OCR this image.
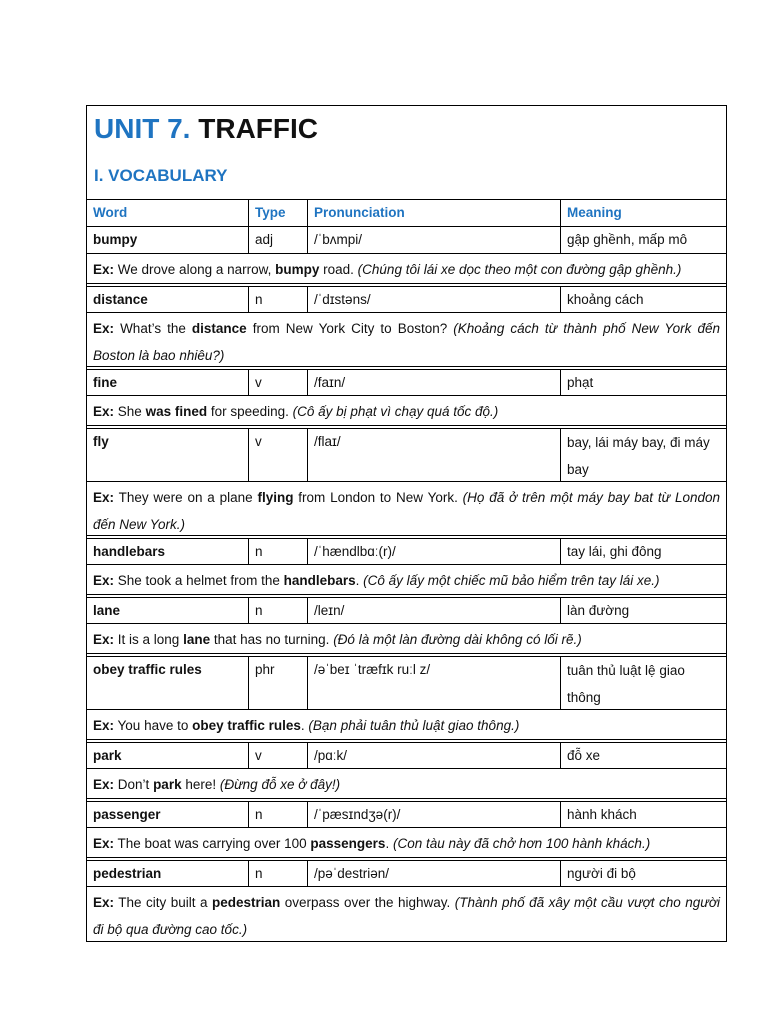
UNIT 7. TRAFFIC
I. VOCABULARY
Word	Type	Pronunciation	Meaning
bumpy	adj	/ˈbʌmpi/	gập ghềnh, mấp mô
Ex: We drove along a narrow, bumpy road. (Chúng tôi lái xe dọc theo một con đường gập ghềnh.)
distance	n	/ˈdɪstəns/	khoảng cách
Ex: What’s the distance from New York City to Boston? (Khoảng cách từ thành phố New York đến Boston là bao nhiêu?)
fine	v	/faɪn/	phạt
Ex: She was fined for speeding. (Cô ấy bị phạt vì chạy quá tốc độ.)
fly	v	/flaɪ/	bay, lái máy bay, đi máy bay
Ex: They were on a plane flying from London to New York. (Họ đã ở trên một máy bay bat từ London đến New York.)
handlebars	n	/ˈhændlbɑː(r)/	tay lái, ghi đông
Ex: She took a helmet from the handlebars. (Cô ấy lấy một chiếc mũ bảo hiểm trên tay lái xe.)
lane	n	/leɪn/	làn đường
Ex: It is a long lane that has no turning. (Đó là một làn đường dài không có lối rẽ.)
obey traffic rules	phr	/əˈbeɪ ˈtræfɪk ruːl z/	tuân thủ luật lệ giao thông
Ex: You have to obey traffic rules. (Bạn phải tuân thủ luật giao thông.)
park	v	/pɑːk/	đỗ xe
Ex: Don’t park here! (Đừng đỗ xe ở đây!)
passenger	n	/ˈpæsɪndʒə(r)/	hành khách
Ex: The boat was carrying over 100 passengers. (Con tàu này đã chở hơn 100 hành khách.)
pedestrian	n	/pəˈdestriən/	người đi bộ
Ex: The city built a pedestrian overpass over the highway. (Thành phố đã xây một cầu vượt cho người đi bộ qua đường cao tốc.)
